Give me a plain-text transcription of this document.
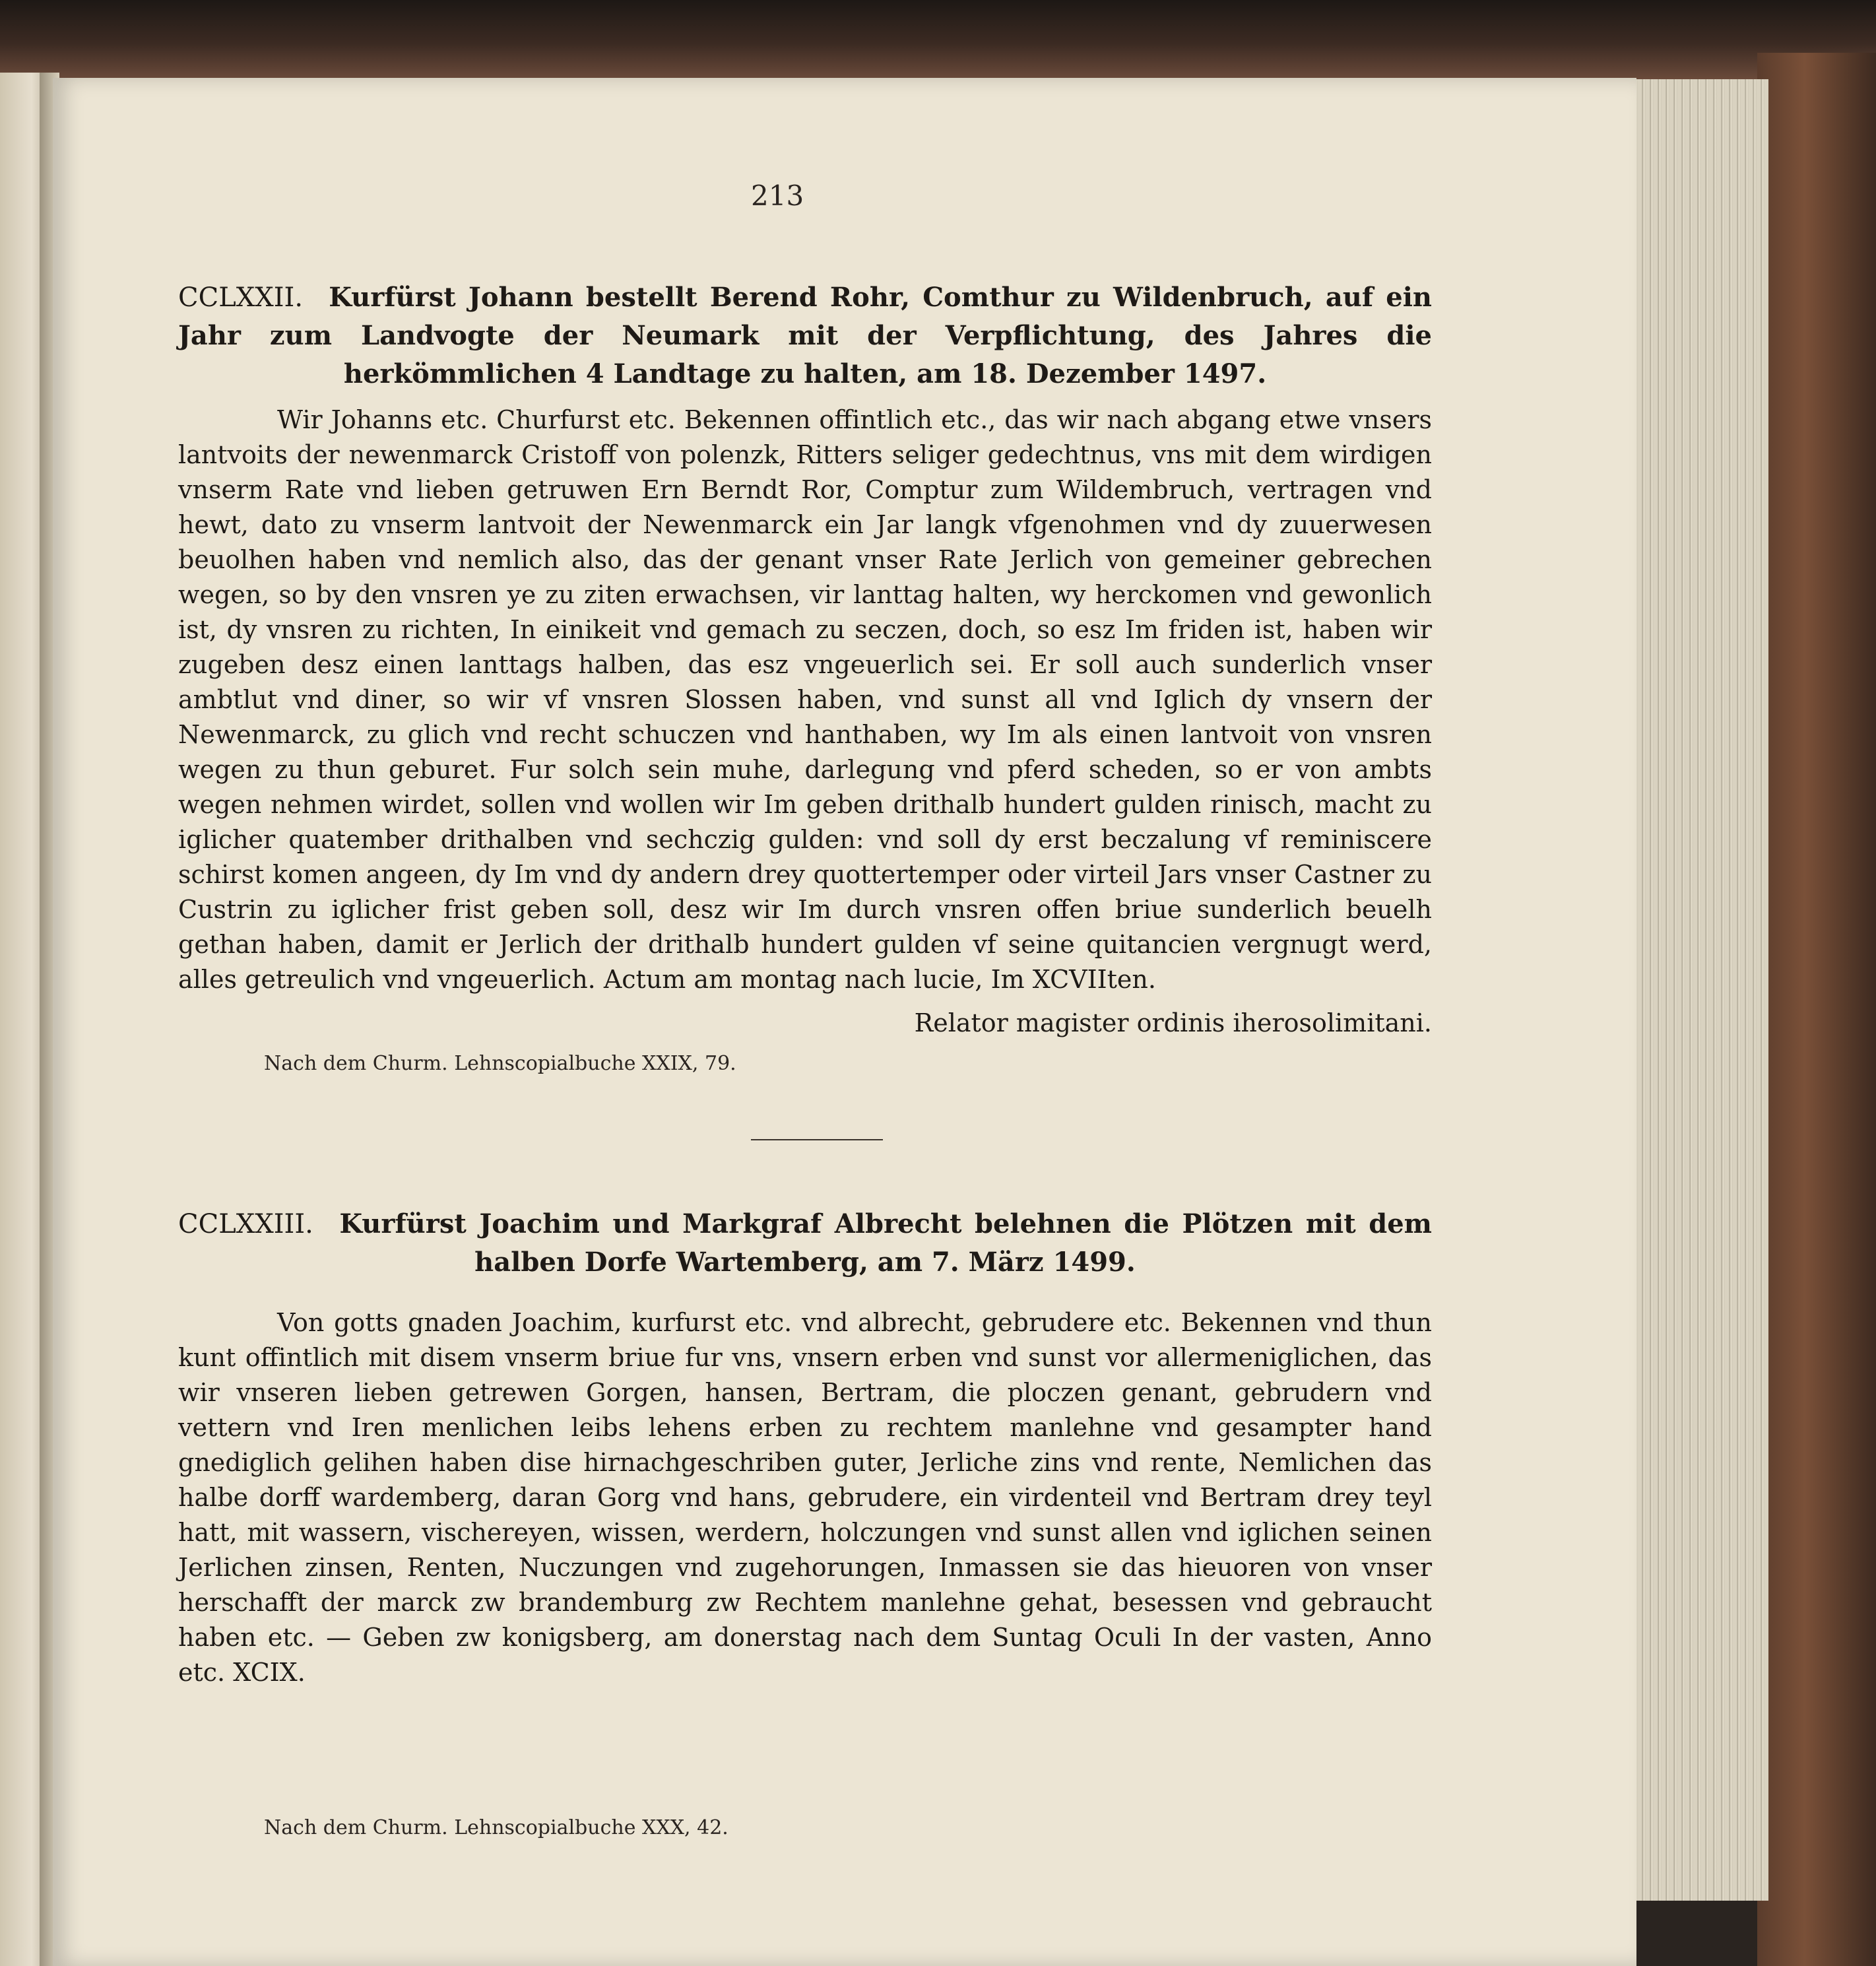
213
CCLXXII. Kurfürst Johann bestellt Berend Rohr, Comthur zu Wildenbruch, auf ein Jahr zum Landvogte der Neumark mit der Verpflichtung, des Jahres die herkömmlichen 4 Landtage zu halten, am 18. Dezember 1497.

Wir Johanns etc. Churfurst etc. Bekennen offintlich etc., das wir nach abgang etwe vnsers lantvoits der newenmarck Cristoff von polenzk, Ritters seliger gedechtnus, vns mit dem wirdigen vnserm Rate vnd lieben getruwen Ern Berndt Ror, Comptur zum Wildembruch, vertragen vnd hewt, dato zu vnserm lantvoit der Newenmarck ein Jar langk vfgenohmen vnd dy zuuerwesen beuolhen haben vnd nemlich also, das der genant vnser Rate Jerlich von gemeiner gebrechen wegen, so by den vnsren ye zu ziten erwachsen, vir lanttag halten, wy herckomen vnd gewonlich ist, dy vnsren zu richten, In einikeit vnd gemach zu seczen, doch, so esz Im friden ist, haben wir zugeben desz einen lanttags halben, das esz vngeuerlich sei. Er soll auch sunderlich vnser ambtlut vnd diner, so wir vf vnsren Slossen haben, vnd sunst all vnd Iglich dy vnsern der Newenmarck, zu glich vnd recht schuczen vnd hanthaben, wy Im als einen lantvoit von vnsren wegen zu thun geburet. Fur solch sein muhe, darlegung vnd pferd scheden, so er von ambts wegen nehmen wirdet, sollen vnd wollen wir Im geben drithalb hundert gulden rinisch, macht zu iglicher quatember drithalben vnd sechczig gulden: vnd soll dy erst beczalung vf reminiscere schirst komen angeen, dy Im vnd dy andern drey quottertemper oder virteil Jars vnser Castner zu Custrin zu iglicher frist geben soll, desz wir Im durch vnsren offen briue sunderlich beuelh gethan haben, damit er Jerlich der drithalb hundert gulden vf seine quitancien vergnugt werd, alles getreulich vnd vngeuerlich. Actum am montag nach lucie, Im XCVIIten.

Relator magister ordinis iherosolimitani.
Nach dem Churm. Lehnscopialbuche XXIX, 79.
CCLXXIII. Kurfürst Joachim und Markgraf Albrecht belehnen die Plötzen mit dem halben Dorfe Wartemberg, am 7. März 1499.

Von gotts gnaden Joachim, kurfurst etc. vnd albrecht, gebrudere etc. Bekennen vnd thun kunt offintlich mit disem vnserm briue fur vns, vnsern erben vnd sunst vor allermeniglichen, das wir vnseren lieben getrewen Gorgen, hansen, Bertram, die ploczen genant, gebrudern vnd vettern vnd Iren menlichen leibs lehens erben zu rechtem manlehne vnd gesampter hand gnediglich gelihen haben dise hirnachgeschriben guter, Jerliche zins vnd rente, Nemlichen das halbe dorff wardemberg, daran Gorg vnd hans, gebrudere, ein virdenteil vnd Bertram drey teyl hatt, mit wassern, vischereyen, wissen, werdern, holczungen vnd sunst allen vnd iglichen seinen Jerlichen zinsen, Renten, Nuczungen vnd zugehorungen, Inmassen sie das hieuoren von vnser herschafft der marck zw brandemburg zw Rechtem manlehne gehat, besessen vnd gebraucht haben etc. — Geben zw konigsberg, am donerstag nach dem Suntag Oculi In der vasten, Anno etc. XCIX.

Nach dem Churm. Lehnscopialbuche XXX, 42.
